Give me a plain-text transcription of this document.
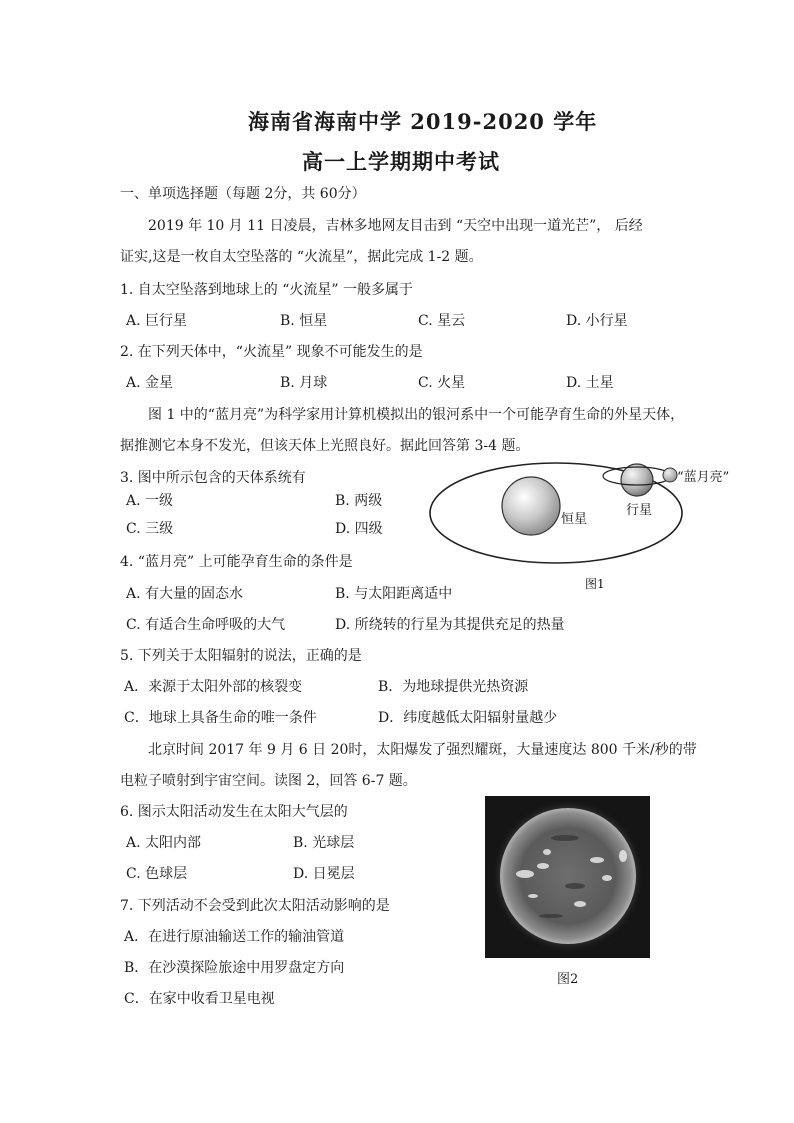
海南省海南中学 2019-2020 学年
高一上学期期中考试
一、单项选择题（每题 2分，共 60分）
2019 年 10 月 11 日凌晨，吉林多地网友目击到 “天空中出现一道光芒”， 后经
证实,这是一枚自太空坠落的 “火流星”，据此完成 1-2 题。
1. 自太空坠落到地球上的 “火流星” 一般多属于
A. 巨行星	B. 恒星	C. 星云	D. 小行星
2. 在下列天体中，“火流星” 现象不可能发生的是
A. 金星	B. 月球	C. 火星	D. 土星
图 1 中的“蓝月亮”为科学家用计算机模拟出的银河系中一个可能孕育生命的外星天体，
据推测它本身不发光，但该天体上光照良好。据此回答第 3-4 题。
3. 图中所示包含的天体系统有
A. 一级	B. 两级
C. 三级	D. 四级
恒星
行星
“蓝月亮”
图1
4. “蓝月亮” 上可能孕育生命的条件是
A. 有大量的固态水	B. 与太阳距离适中
C. 有适合生命呼吸的大气	D. 所绕转的行星为其提供充足的热量
5. 下列关于太阳辐射的说法，正确的是
A．来源于太阳外部的核裂变	B．为地球提供光热资源
C．地球上具备生命的唯一条件	D．纬度越低太阳辐射量越少
北京时间 2017 年 9 月 6 日 20时，太阳爆发了强烈耀斑，大量速度达 800 千米/秒的带
电粒子喷射到宇宙空间。读图 2，回答 6-7 题。
6. 图示太阳活动发生在太阳大气层的
A. 太阳内部	B. 光球层
C. 色球层	D. 日冕层
图2
7. 下列活动不会受到此次太阳活动影响的是
A．在进行原油输送工作的输油管道
B．在沙漠探险旅途中用罗盘定方向
C．在家中收看卫星电视
